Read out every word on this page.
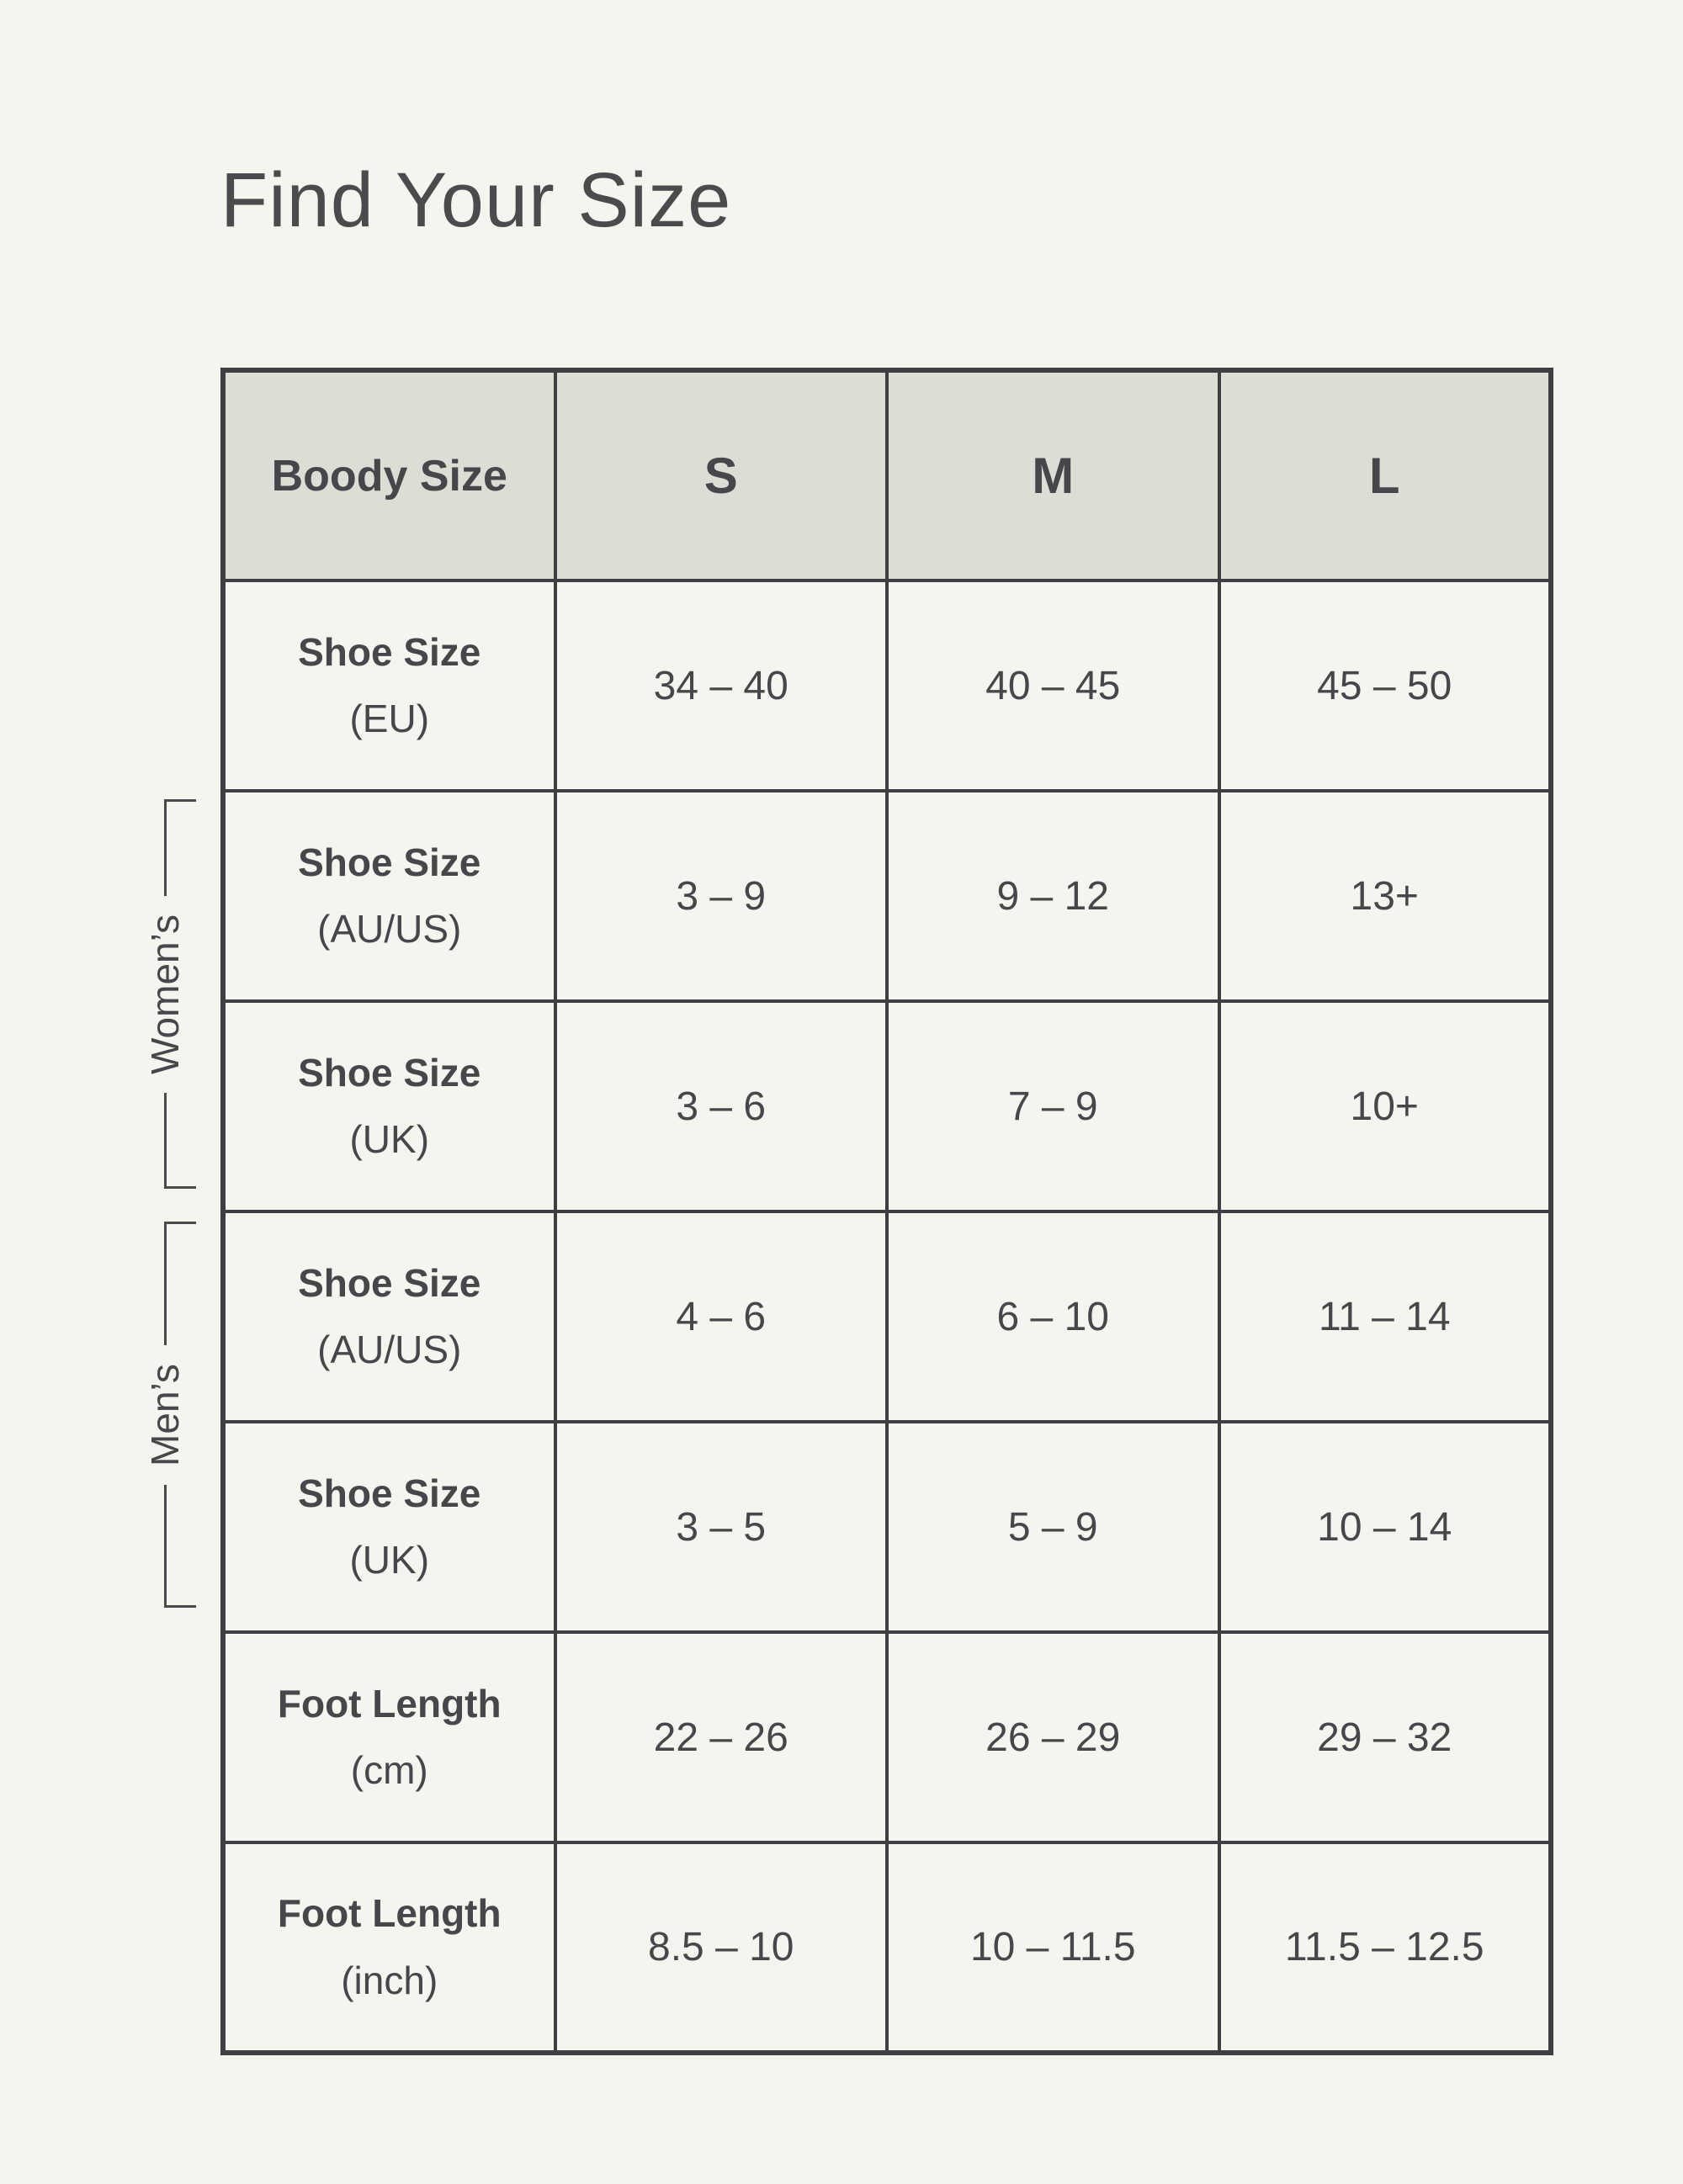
Find Your Size
Women’s
Men’s
Boody Size	S	M	L

Shoe Size
(EU)	34 – 40	40 – 45	45 – 50

Shoe Size
(AU/US)	3 – 9	9 – 12	13+

Shoe Size
(UK)	3 – 6	7 – 9	10+

Shoe Size
(AU/US)	4 – 6	6 – 10	11 – 14

Shoe Size
(UK)	3 – 5	5 – 9	10 – 14

Foot Length
(cm)	22 – 26	26 – 29	29 – 32

Foot Length
(inch)	8.5 – 10	10 – 11.5	11.5 – 12.5
